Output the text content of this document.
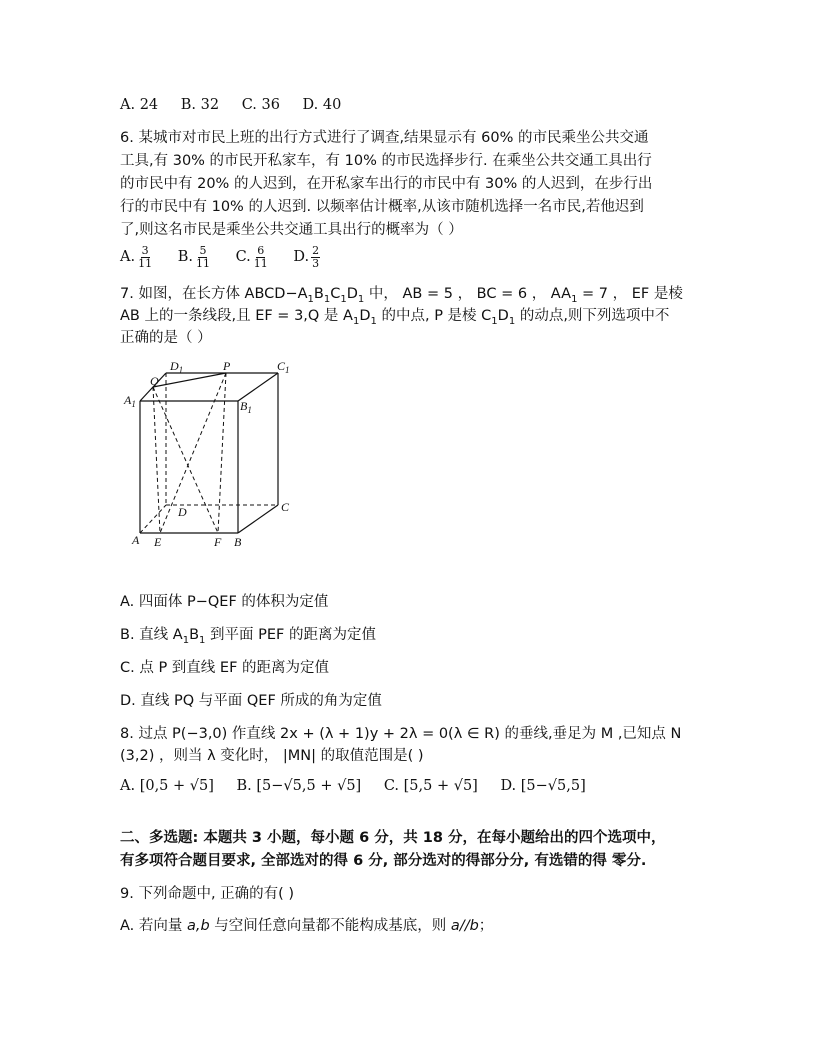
A. 24 B. 32 C. 36 D. 40
6. 某城市对市民上班的出行方式进行了调查,结果显示有 60% 的市民乘坐公共交通
工具,有 30% 的市民开私家车，有 10% 的市民选择步行. 在乘坐公共交通工具出行
的市民中有 20% 的人迟到，在开私家车出行的市民中有 30% 的人迟到，在步行出
行的市民中有 10% 的人迟到. 以频率估计概率,从该市随机选择一名市民,若他迟到
了,则这名市民是乘坐公共交通工具出行的概率为（ ）
A. $\frac{3}{11} B$. $\frac{5}{11} C$. $\frac{6}{11} D$. $\frac{2}{3}$
7. 如图，在长方体 $ABCD-A_1B_1C_1D_1$ 中， AB = 5 ， BC = 6 ， $AA_1 = 7$ ， EF 是棱
AB 上的一条线段,且 EF = 3,Q 是 $A_1D_1$ 的中点, P 是棱 $C_1D_1$ 的动点,则下列选项中不
正确的是（ ）
$D_1$	P	$C_1$
Q
$A_1$	$B_1$
D	C
A E	F B
A. 四面体 P−QEF 的体积为定值
B. 直线 $A_1B_1$ 到平面 PEF 的距离为定值
C. 点 P 到直线 EF 的距离为定值
D. 直线 PQ 与平面 QEF 所成的角为定值
8. 过点 P(−3,0) 作直线 2x + (λ + 1)y + 2λ = 0(λ ∈ R) 的垂线,垂足为 M ,已知点 N
(3,2) ，则当 λ 变化时， |MN| 的取值范围是( )
A. [0,5 + √5] B. [5−√5,5 + √5] C. [5,5 + √5] D. [5−√5,5]
二、多选题: 本题共 3 小题，每小题 6 分，共 18 分，在每小题给出的四个选项中，
有多项符合题目要求, 全部选对的得 6 分, 部分选对的得部分分, 有选错的得 零分.
9. 下列命题中, 正确的有( )
A. 若向量 a,b 与空间任意向量都不能构成基底，则 a//b；
